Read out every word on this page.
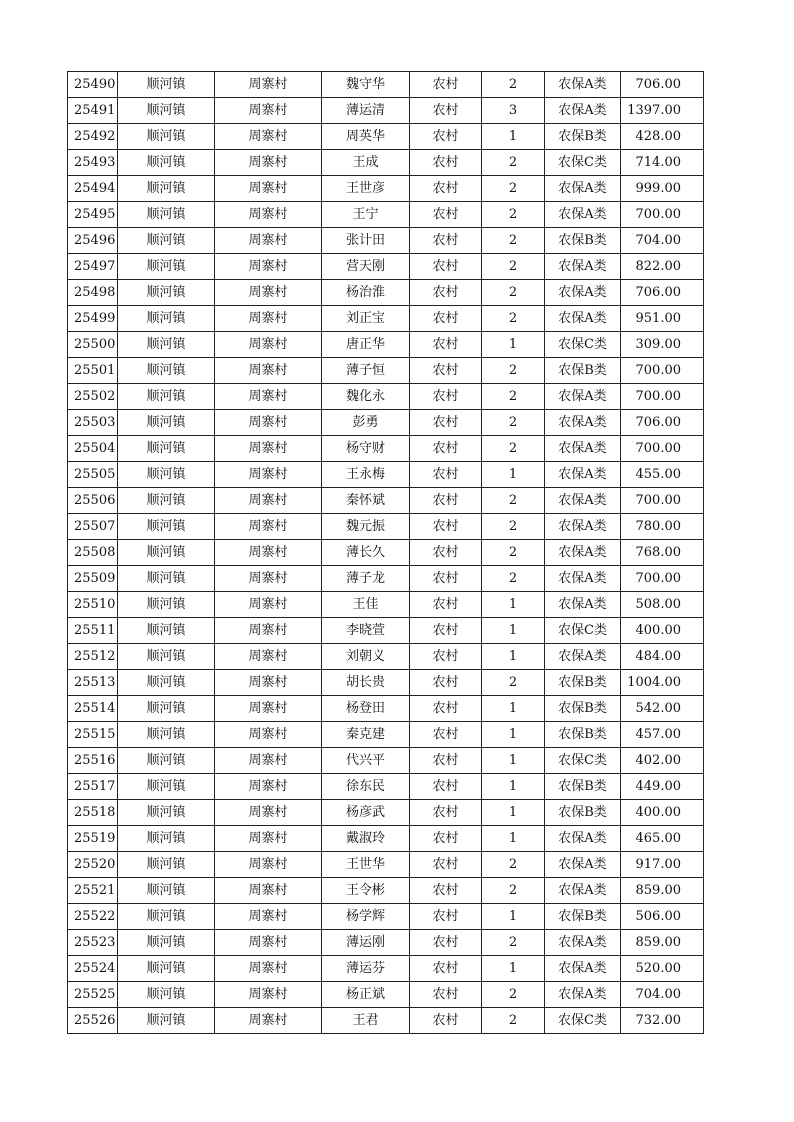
25490	顺河镇	周寨村	魏守华	农村	2	农保A类	706.00
25491	顺河镇	周寨村	薄运清	农村	3	农保A类	1397.00
25492	顺河镇	周寨村	周英华	农村	1	农保B类	428.00
25493	顺河镇	周寨村	王成	农村	2	农保C类	714.00
25494	顺河镇	周寨村	王世彦	农村	2	农保A类	999.00
25495	顺河镇	周寨村	王宁	农村	2	农保A类	700.00
25496	顺河镇	周寨村	张计田	农村	2	农保B类	704.00
25497	顺河镇	周寨村	营天刚	农村	2	农保A类	822.00
25498	顺河镇	周寨村	杨治淮	农村	2	农保A类	706.00
25499	顺河镇	周寨村	刘正宝	农村	2	农保A类	951.00
25500	顺河镇	周寨村	唐正华	农村	1	农保C类	309.00
25501	顺河镇	周寨村	薄子恒	农村	2	农保B类	700.00
25502	顺河镇	周寨村	魏化永	农村	2	农保A类	700.00
25503	顺河镇	周寨村	彭勇	农村	2	农保A类	706.00
25504	顺河镇	周寨村	杨守财	农村	2	农保A类	700.00
25505	顺河镇	周寨村	王永梅	农村	1	农保A类	455.00
25506	顺河镇	周寨村	秦怀斌	农村	2	农保A类	700.00
25507	顺河镇	周寨村	魏元振	农村	2	农保A类	780.00
25508	顺河镇	周寨村	薄长久	农村	2	农保A类	768.00
25509	顺河镇	周寨村	薄子龙	农村	2	农保A类	700.00
25510	顺河镇	周寨村	王佳	农村	1	农保A类	508.00
25511	顺河镇	周寨村	李晓萱	农村	1	农保C类	400.00
25512	顺河镇	周寨村	刘朝义	农村	1	农保A类	484.00
25513	顺河镇	周寨村	胡长贵	农村	2	农保B类	1004.00
25514	顺河镇	周寨村	杨登田	农村	1	农保B类	542.00
25515	顺河镇	周寨村	秦克建	农村	1	农保B类	457.00
25516	顺河镇	周寨村	代兴平	农村	1	农保C类	402.00
25517	顺河镇	周寨村	徐东民	农村	1	农保B类	449.00
25518	顺河镇	周寨村	杨彦武	农村	1	农保B类	400.00
25519	顺河镇	周寨村	戴淑玲	农村	1	农保A类	465.00
25520	顺河镇	周寨村	王世华	农村	2	农保A类	917.00
25521	顺河镇	周寨村	王令彬	农村	2	农保A类	859.00
25522	顺河镇	周寨村	杨学辉	农村	1	农保B类	506.00
25523	顺河镇	周寨村	薄运刚	农村	2	农保A类	859.00
25524	顺河镇	周寨村	薄运芬	农村	1	农保A类	520.00
25525	顺河镇	周寨村	杨正斌	农村	2	农保A类	704.00
25526	顺河镇	周寨村	王君	农村	2	农保C类	732.00
